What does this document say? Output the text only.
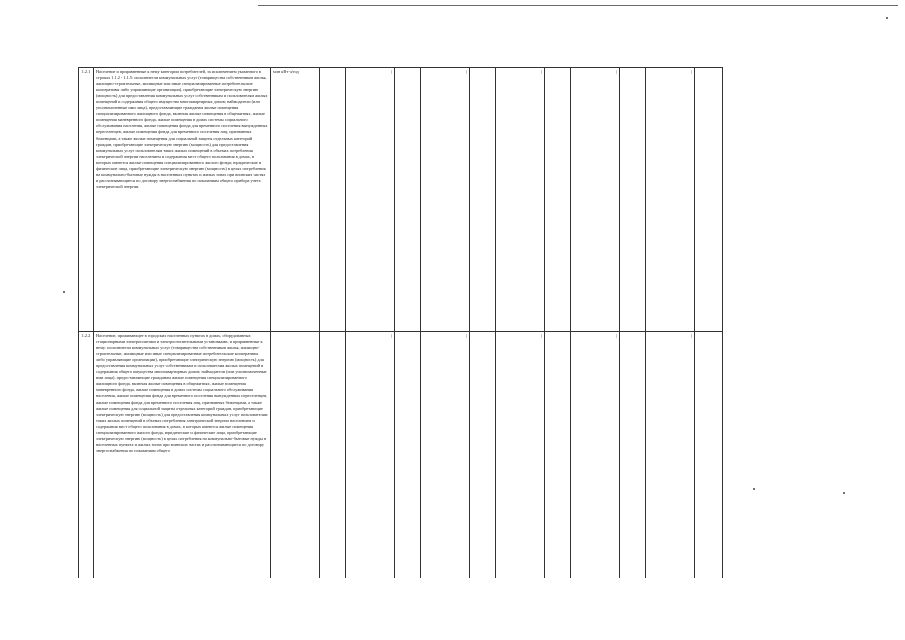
1.2.1	Население и приравненные к нему категории потребителей, за исключением указанного в строках 1.1.2 - 1.1.5: исполнители коммунальных услуг (товарищества собственников жилья, жилищно-строительные, жилищные или иные специализированные потребительские кооперативы либо управляющие организации), приобретающие электрическую энергию (мощность) для предоставления коммунальных услуг собственникам и пользователям жилых помещений и содержания общего имущества многоквартирных домов; наймодатели (или уполномоченные ими лица), предоставляющие гражданам жилые помещения специализированного жилищного фонда, включая жилые помещения в общежитиях, жилые помещения маневренного фонда, жилые помещения в домах системы социального обслуживания населения, жилые помещения фонда для временного поселения вынужденных переселенцев, жилые помещения фонда для временного поселения лиц, признанных беженцами, а также жилые помещения для социальной защиты отдельных категорий граждан, приобретающие электрическую энергию (мощность) для предоставления коммунальных услуг пользователям таких жилых помещений в объемах потребления электрической энергии населением и содержания мест общего пользования в домах, в которых имеются жилые помещения специализированного жилого фонда; юридические и физические лица, приобретающие электрическую энергию (мощность) в целях потребления на коммунально-бытовые нужды в населенных пунктах и жилых зонах при воинских частях и рассчитывающиеся по договору энергоснабжения по показаниям общего прибора учета электрической энергии.	млн кВт·ч/год		|		|		|		|		|	
1.2.2	Население, проживающее в городских населенных пунктах в домах, оборудованных стационарными электроплитами и электроотопительными установками, и приравненные к нему: исполнители коммунальных услуг (товарищества собственников жилья, жилищно-строительные, жилищные или иные специализированные потребительские кооперативы либо управляющие организации), приобретающие электрическую энергию (мощность) для предоставления коммунальных услуг собственникам и пользователям жилых помещений и содержания общего имущества многоквартирных домов; наймодатели (или уполномоченные ими лица), предоставляющие гражданам жилые помещения специализированного жилищного фонда, включая жилые помещения в общежитиях, жилые помещения маневренного фонда, жилые помещения в домах системы социального обслуживания населения, жилые помещения фонда для временного поселения вынужденных переселенцев, жилые помещения фонда для временного поселения лиц, признанных беженцами, а также жилые помещения для социальной защиты отдельных категорий граждан, приобретающие электрическую энергию (мощность) для предоставления коммунальных услуг пользователям таких жилых помещений в объемах потребления электрической энергии населением и содержания мест общего пользования в домах, в которых имеются жилые помещения специализированного жилого фонда, юридические и физические лица, приобретающие электрическую энергию (мощность) в целях потребления на коммунально-бытовые нужды в населенных пунктах и жилых зонах при воинских частях и рассчитывающиеся по договору энергоснабжения по показаниям общего			|		|		|		|		|	
